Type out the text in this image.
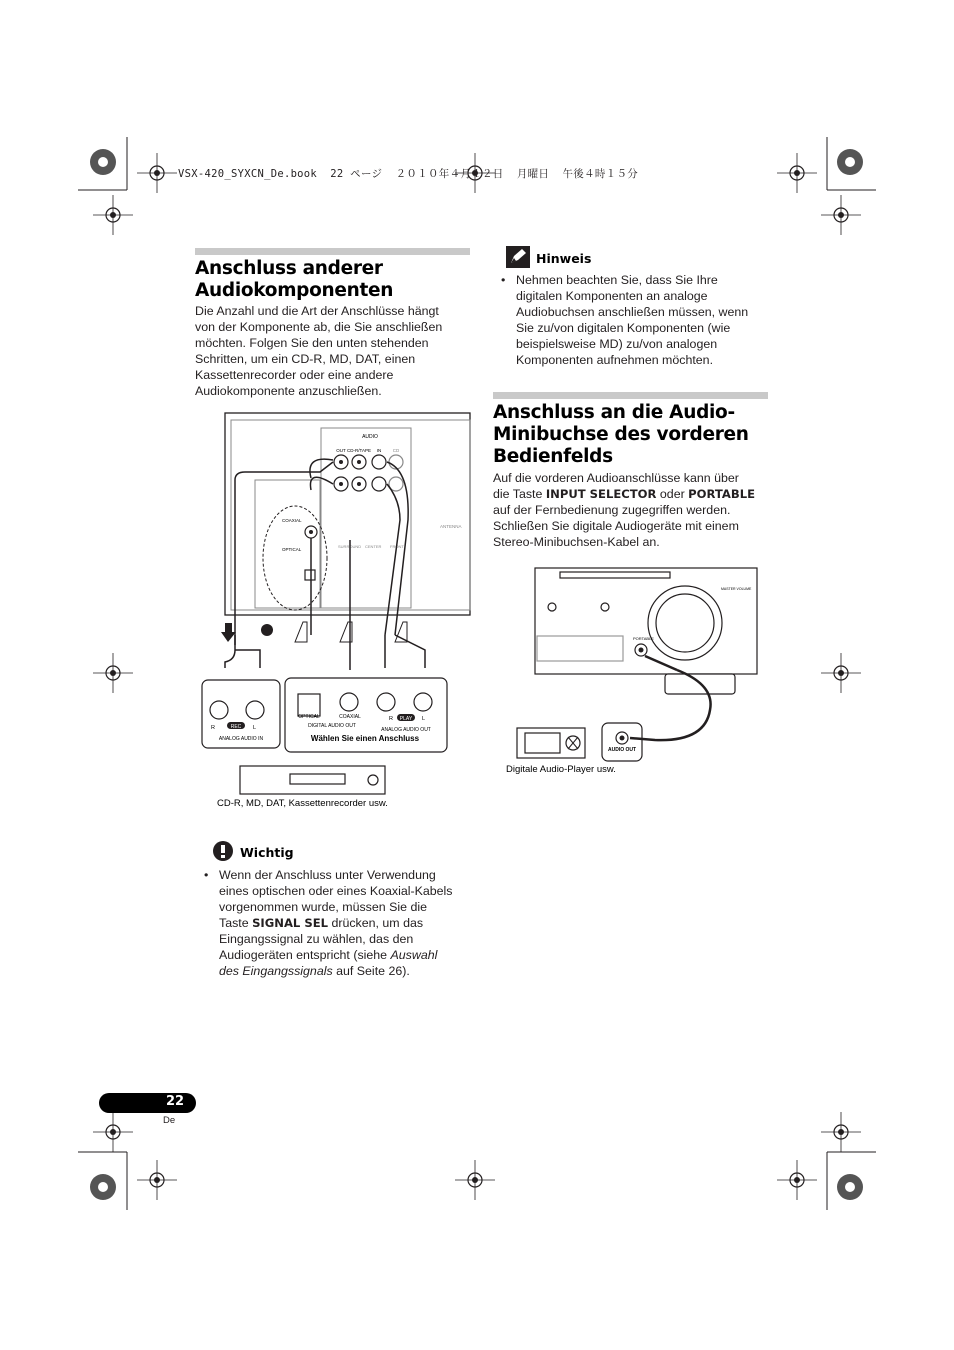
VSX-420_SYXCN_De.book  22 ページ  ２０１０年４月１２日  月曜日  午後４時１５分
Anschluss anderer
Audiokomponenten
Die Anzahl und die Art der Anschlüsse hängt
von der Komponente ab, die Sie anschließen
möchten. Folgen Sie den unten stehenden
Schritten, um ein CD-R, MD, DAT, einen
Kassettenrecorder oder eine andere
Audiokomponente anzuschließen.
AUDIO
OUT CD-R/TAPE IN	CD
COAXIAL
OPTICAL
ANTENNA
SURROUND CENTER FRONT
R	REC L
ANALOG AUDIO IN
OPTICAL	COAXIAL
DIGITAL AUDIO OUT
R PLAY L
ANALOG AUDIO OUT
Wählen Sie einen Anschluss
CD-R, MD, DAT, Kassettenrecorder usw.
Wichtig
• Wenn der Anschluss unter Verwendung
eines optischen oder eines Koaxial-Kabels
vorgenommen wurde, müssen Sie die
Taste SIGNAL SEL drücken, um das
Eingangssignal zu wählen, das den
Audiogeräten entspricht (siehe Auswahl
des Eingangssignals auf Seite 26).
Hinweis
• Nehmen beachten Sie, dass Sie Ihre
digitalen Komponenten an analoge
Audiobuchsen anschließen müssen, wenn
Sie zu/von digitalen Komponenten (wie
beispielsweise MD) zu/von analogen
Komponenten aufnehmen möchten.
Anschluss an die Audio-
Minibuchse des vorderen
Bedienfelds
Auf die vorderen Audioanschlüsse kann über
die Taste INPUT SELECTOR oder PORTABLE
auf der Fernbedienung zugegriffen werden.
Schließen Sie digitale Audiogeräte mit einem
Stereo-Minibuchsen-Kabel an.
PORTABLE
MASTER VOLUME
AUDIO OUT
Digitale Audio-Player usw.
22
De
